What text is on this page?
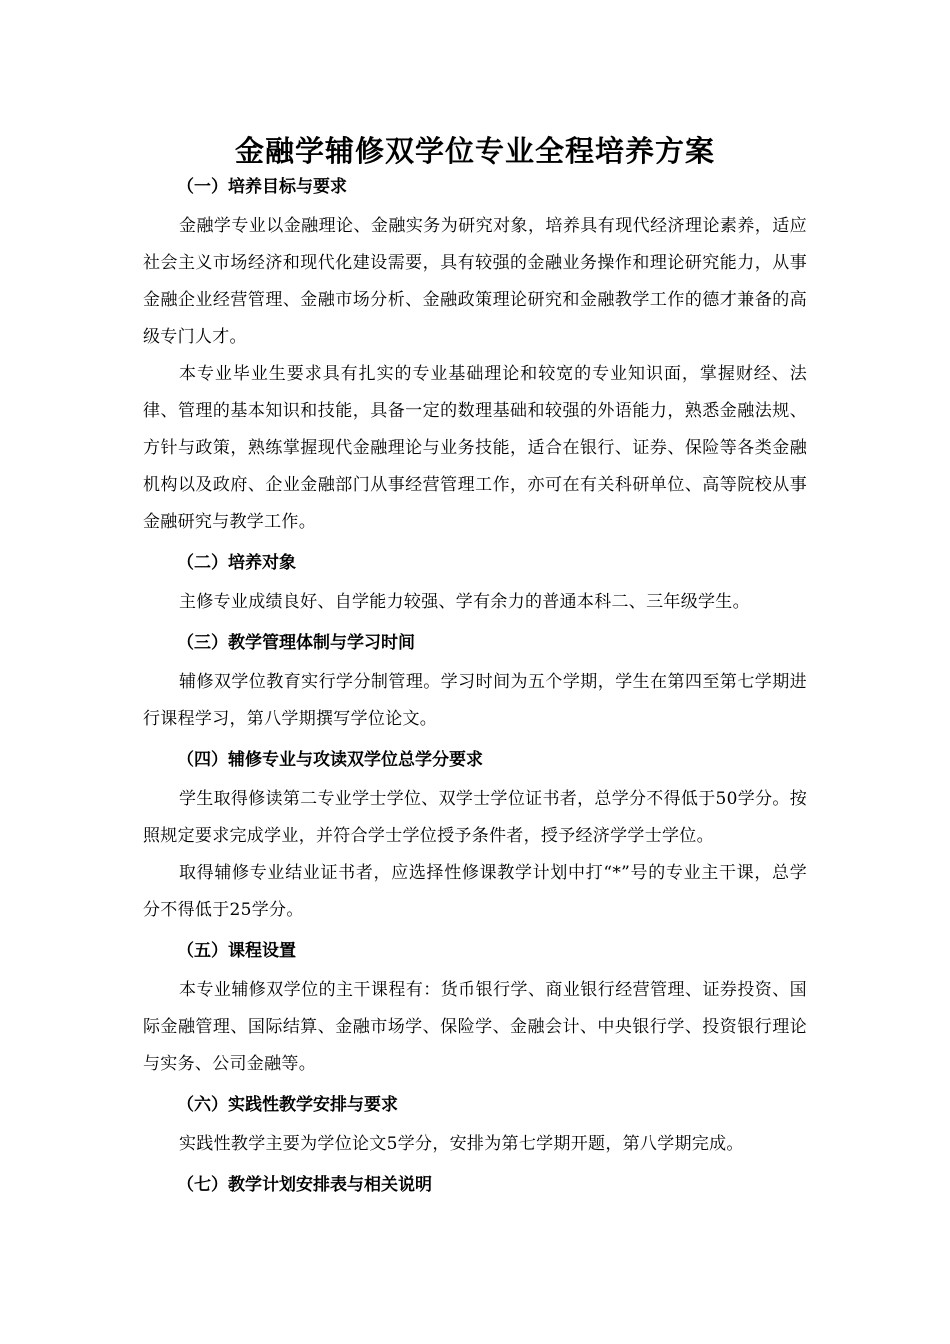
金融学辅修双学位专业全程培养方案
（一）培养目标与要求

金融学专业以金融理论、金融实务为研究对象，培养具有现代经济理论素养，适应社会主义市场经济和现代化建设需要，具有较强的金融业务操作和理论研究能力，从事金融企业经营管理、金融市场分析、金融政策理论研究和金融教学工作的德才兼备的高级专门人才。

本专业毕业生要求具有扎实的专业基础理论和较宽的专业知识面，掌握财经、法律、管理的基本知识和技能，具备一定的数理基础和较强的外语能力，熟悉金融法规、方针与政策，熟练掌握现代金融理论与业务技能，适合在银行、证券、保险等各类金融机构以及政府、企业金融部门从事经营管理工作，亦可在有关科研单位、高等院校从事金融研究与教学工作。

（二）培养对象

主修专业成绩良好、自学能力较强、学有余力的普通本科二、三年级学生。

（三）教学管理体制与学习时间

辅修双学位教育实行学分制管理。学习时间为五个学期，学生在第四至第七学期进行课程学习，第八学期撰写学位论文。

（四）辅修专业与攻读双学位总学分要求

学生取得修读第二专业学士学位、双学士学位证书者，总学分不得低于50学分。按照规定要求完成学业，并符合学士学位授予条件者，授予经济学学士学位。

取得辅修专业结业证书者，应选择性修课教学计划中打“*”号的专业主干课，总学分不得低于25学分。

（五）课程设置

本专业辅修双学位的主干课程有：货币银行学、商业银行经营管理、证券投资、国际金融管理、国际结算、金融市场学、保险学、金融会计、中央银行学、投资银行理论与实务、公司金融等。

（六）实践性教学安排与要求

实践性教学主要为学位论文5学分，安排为第七学期开题，第八学期完成。

（七）教学计划安排表与相关说明
